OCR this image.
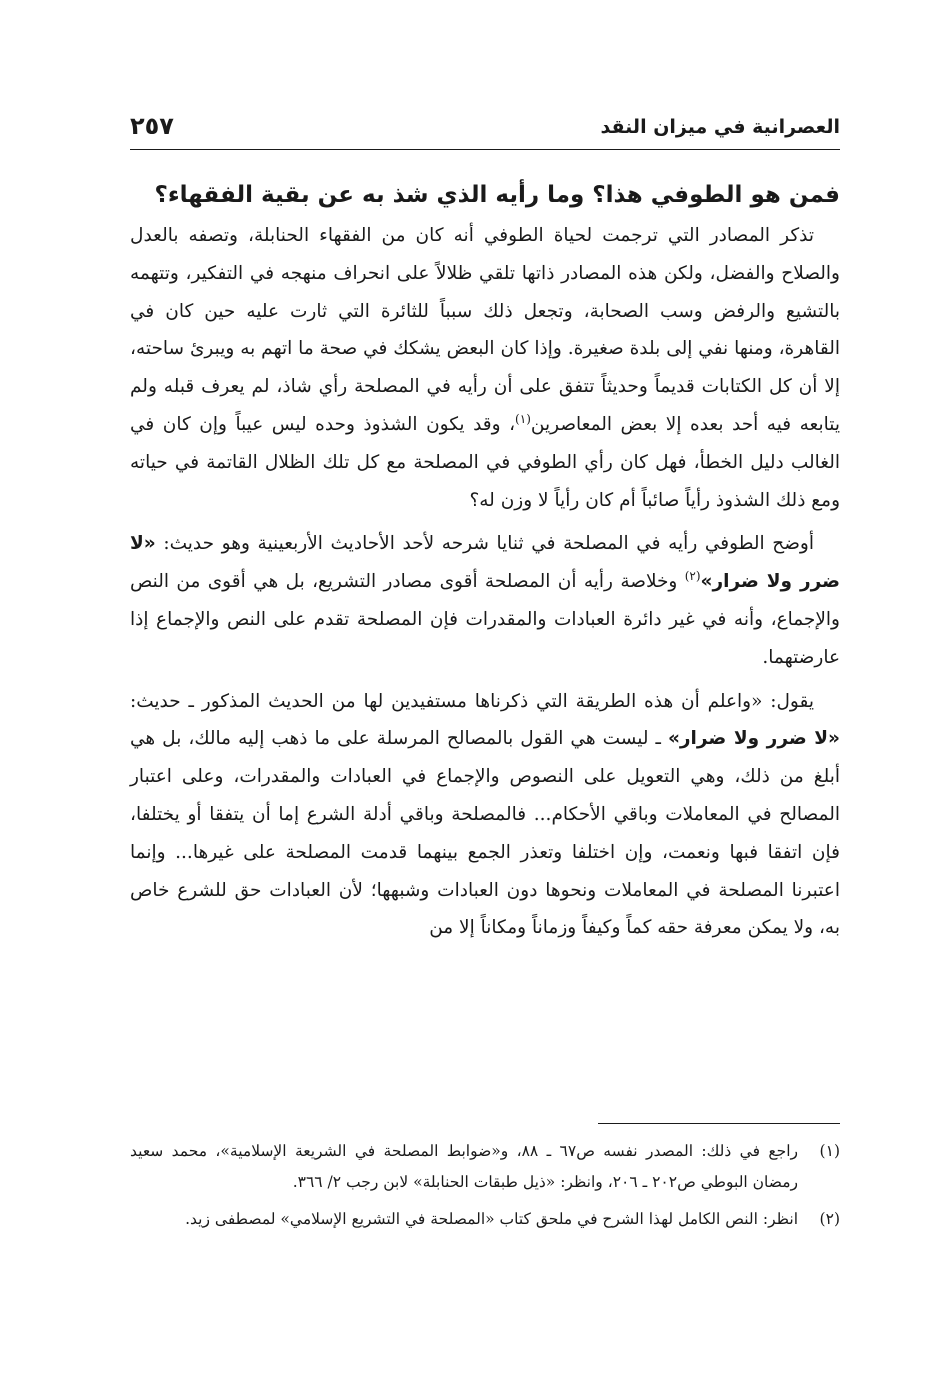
العصرانية في ميزان النقد
٢٥٧
فمن هو الطوفي هذا؟ وما رأيه الذي شذ به عن بقية الفقهاء؟

تذكر المصادر التي ترجمت لحياة الطوفي أنه كان من الفقهاء الحنابلة، وتصفه بالعدل والصلاح والفضل، ولكن هذه المصادر ذاتها تلقي ظلالاً على انحراف منهجه في التفكير، وتتهمه بالتشيع والرفض وسب الصحابة، وتجعل ذلك سبباً للثائرة التي ثارت عليه حين كان في القاهرة، ومنها نفي إلى بلدة صغيرة. وإذا كان البعض يشكك في صحة ما اتهم به ويبرئ ساحته، إلا أن كل الكتابات قديماً وحديثاً تتفق على أن رأيه في المصلحة رأي شاذ، لم يعرف قبله ولم يتابعه فيه أحد بعده إلا بعض المعاصرين$^{(١)}$، وقد يكون الشذوذ وحده ليس عيباً وإن كان في الغالب دليل الخطأ، فهل كان رأي الطوفي في المصلحة مع كل تلك الظلال القاتمة في حياته ومع ذلك الشذوذ رأياً صائباً أم كان رأياً لا وزن له؟

أوضح الطوفي رأيه في المصلحة في ثنايا شرحه لأحد الأحاديث الأربعينية وهو حديث: «لا ضرر ولا ضرار»$^{(٢)}$ وخلاصة رأيه أن المصلحة أقوى مصادر التشريع، بل هي أقوى من النص والإجماع، وأنه في غير دائرة العبادات والمقدرات فإن المصلحة تقدم على النص والإجماع إذا عارضتهما.

يقول: «واعلم أن هذه الطريقة التي ذكرناها مستفيدين لها من الحديث المذكور ـ حديث: «لا ضرر ولا ضرار» ـ ليست هي القول بالمصالح المرسلة على ما ذهب إليه مالك، بل هي أبلغ من ذلك، وهي التعويل على النصوص والإجماع في العبادات والمقدرات، وعلى اعتبار المصالح في المعاملات وباقي الأحكام... فالمصلحة وباقي أدلة الشرع إما أن يتفقا أو يختلفا، فإن اتفقا فبها ونعمت، وإن اختلفا وتعذر الجمع بينهما قدمت المصلحة على غيرها... وإنما اعتبرنا المصلحة في المعاملات ونحوها دون العبادات وشبهها؛ لأن العبادات حق للشرع خاص به، ولا يمكن معرفة حقه كماً وكيفاً وزماناً ومكاناً إلا من

(١)
راجع في ذلك: المصدر نفسه ص٦٧ ـ ٨٨، و«ضوابط المصلحة في الشريعة الإسلامية»، محمد سعيد رمضان البوطي ص٢٠٢ ـ ٢٠٦، وانظر: «ذيل طبقات الحنابلة» لابن رجب ٢/ ٣٦٦.
(٢)
انظر: النص الكامل لهذا الشرح في ملحق كتاب «المصلحة في التشريع الإسلامي» لمصطفى زيد.
